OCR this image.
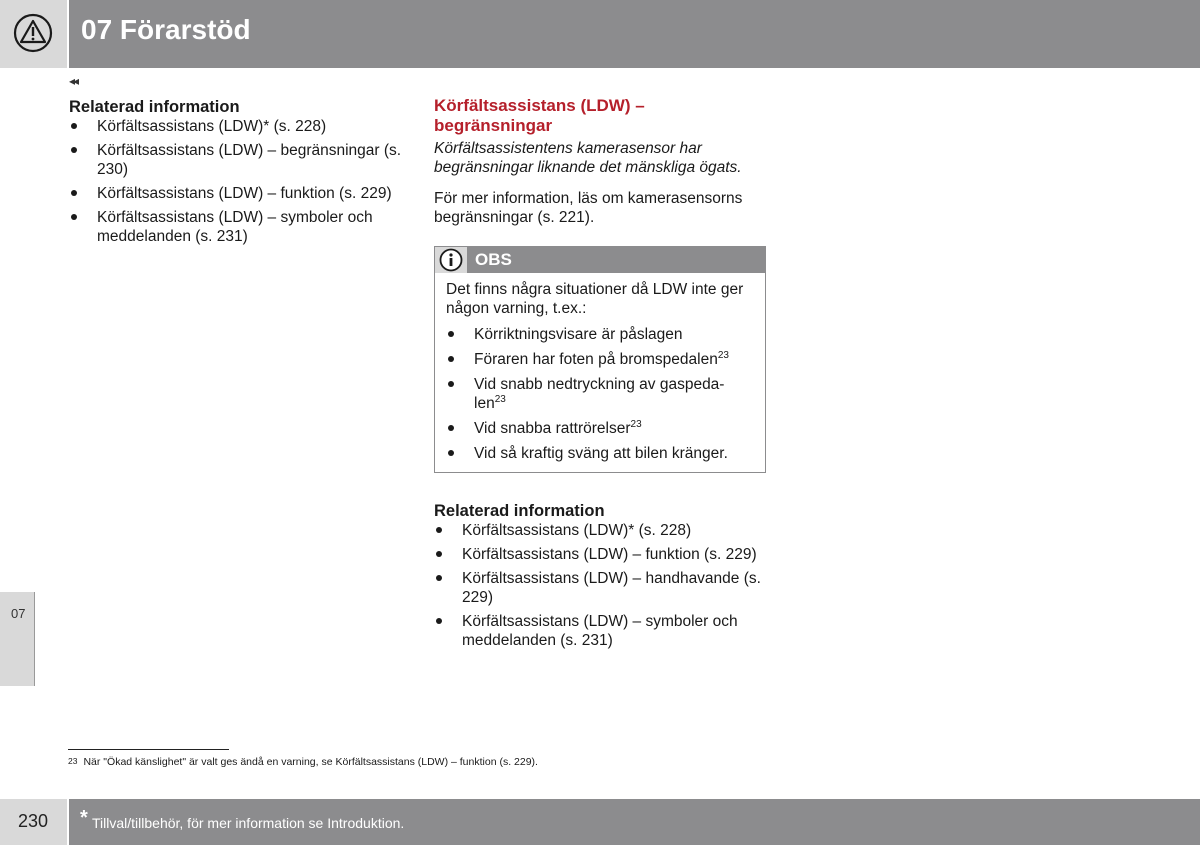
07 Förarstöd
◂◂
07
Relaterad information
Körfältsassistans (LDW)* (s. 228)
Körfältsassistans (LDW) – begränsningar (s. 230)
Körfältsassistans (LDW) – funktion (s. 229)
Körfältsassistans (LDW) – symboler och meddelanden (s. 231)
Körfältsassistans (LDW) – begränsningar

Körfältsassistentens kamerasensor har begränsningar liknande det mänskliga ögats.

För mer information, läs om kamerasensorns begränsningar (s. 221).

OBS

Det finns några situationer då LDW inte ger någon varning, t.ex.:

Körriktningsvisare är påslagen
Föraren har foten på bromspedalen$^{23}$
Vid snabb nedtryckning av gaspeda- len$^{23}$
Vid snabba rattrörelser$^{23}$
Vid så kraftig sväng att bilen kränger.
Relaterad information
Körfältsassistans (LDW)* (s. 228)
Körfältsassistans (LDW) – funktion (s. 229)
Körfältsassistans (LDW) – handhavande (s. 229)
Körfältsassistans (LDW) – symboler och meddelanden (s. 231)
$^{23}$ När "Ökad känslighet" är valt ges ändå en varning, se Körfältsassistans (LDW) – funktion (s. 229).
230 * Tillval/tillbehör, för mer information se Introduktion.
